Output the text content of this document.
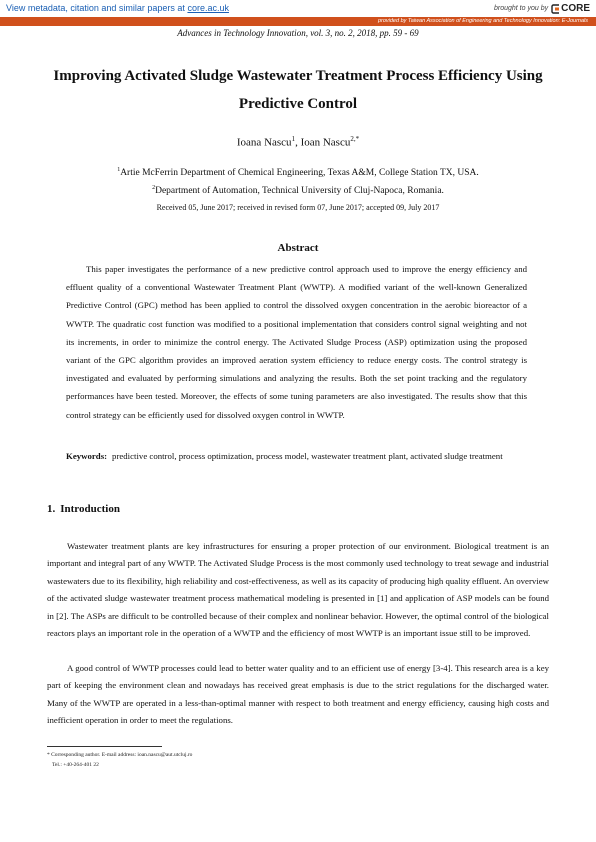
View metadata, citation and similar papers at core.ac.uk	brought to you by CORE
provided by Taiwan Association of Engineering and Technology Innovation: E-Journals
Advances in Technology Innovation, vol. 3, no. 2, 2018, pp. 59 - 69
Improving Activated Sludge Wastewater Treatment Process Efficiency Using Predictive Control
Ioana Nascu$^1$, Ioan Nascu$^{2,*}$
$^1$Artie McFerrin Department of Chemical Engineering, Texas A&M, College Station TX, USA.
$^2$Department of Automation, Technical University of Cluj-Napoca, Romania.
Received 05, June 2017; received in revised form 07, June 2017; accepted 09, July 2017
Abstract

This paper investigates the performance of a new predictive control approach used to improve the energy efficiency and effluent quality of a conventional Wastewater Treatment Plant (WWTP). A modified variant of the well-known Generalized Predictive Control (GPC) method has been applied to control the dissolved oxygen concentration in the aerobic bioreactor of a WWTP. The quadratic cost function was modified to a positional implementation that considers control signal weighting and not its increments, in order to minimize the control energy. The Activated Sludge Process (ASP) optimization using the proposed variant of the GPC algorithm provides an improved aeration system efficiency to reduce energy costs. The control strategy is investigated and evaluated by performing simulations and analyzing the results. Both the set point tracking and the regulatory performances have been tested. Moreover, the effects of some tuning parameters are also investigated. The results show that this control strategy can be efficiently used for dissolved oxygen control in WWTP.

Keywords: predictive control, process optimization, process model, wastewater treatment plant, activated sludge treatment
1. Introduction

Wastewater treatment plants are key infrastructures for ensuring a proper protection of our environment. Biological treatment is an important and integral part of any WWTP. The Activated Sludge Process is the most commonly used technology to treat sewage and industrial wastewaters due to its flexibility, high reliability and cost-effectiveness, as well as its capacity of producing high quality effluent. An overview of the activated sludge wastewater treatment process mathematical modeling is presented in [1] and application of ASP models can be found in [2]. The ASPs are difficult to be controlled because of their complex and nonlinear behavior. However, the optimal control of the biological reactors plays an important role in the operation of a WWTP and the efficiency of most WWTP is an important issue still to be improved.

A good control of WWTP processes could lead to better water quality and to an efficient use of energy [3-4]. This research area is a key part of keeping the environment clean and nowadays has received great emphasis is due to the strict regulations for the discharged water. Many of the WWTP are operated in a less-than-optimal manner with respect to both treatment and energy efficiency, causing high costs and inefficient operation in order to meet the regulations.

* Corresponding author. E-mail address: ioan.nascu@aut.utcluj.ro
Tel.: +40-264-401 22
